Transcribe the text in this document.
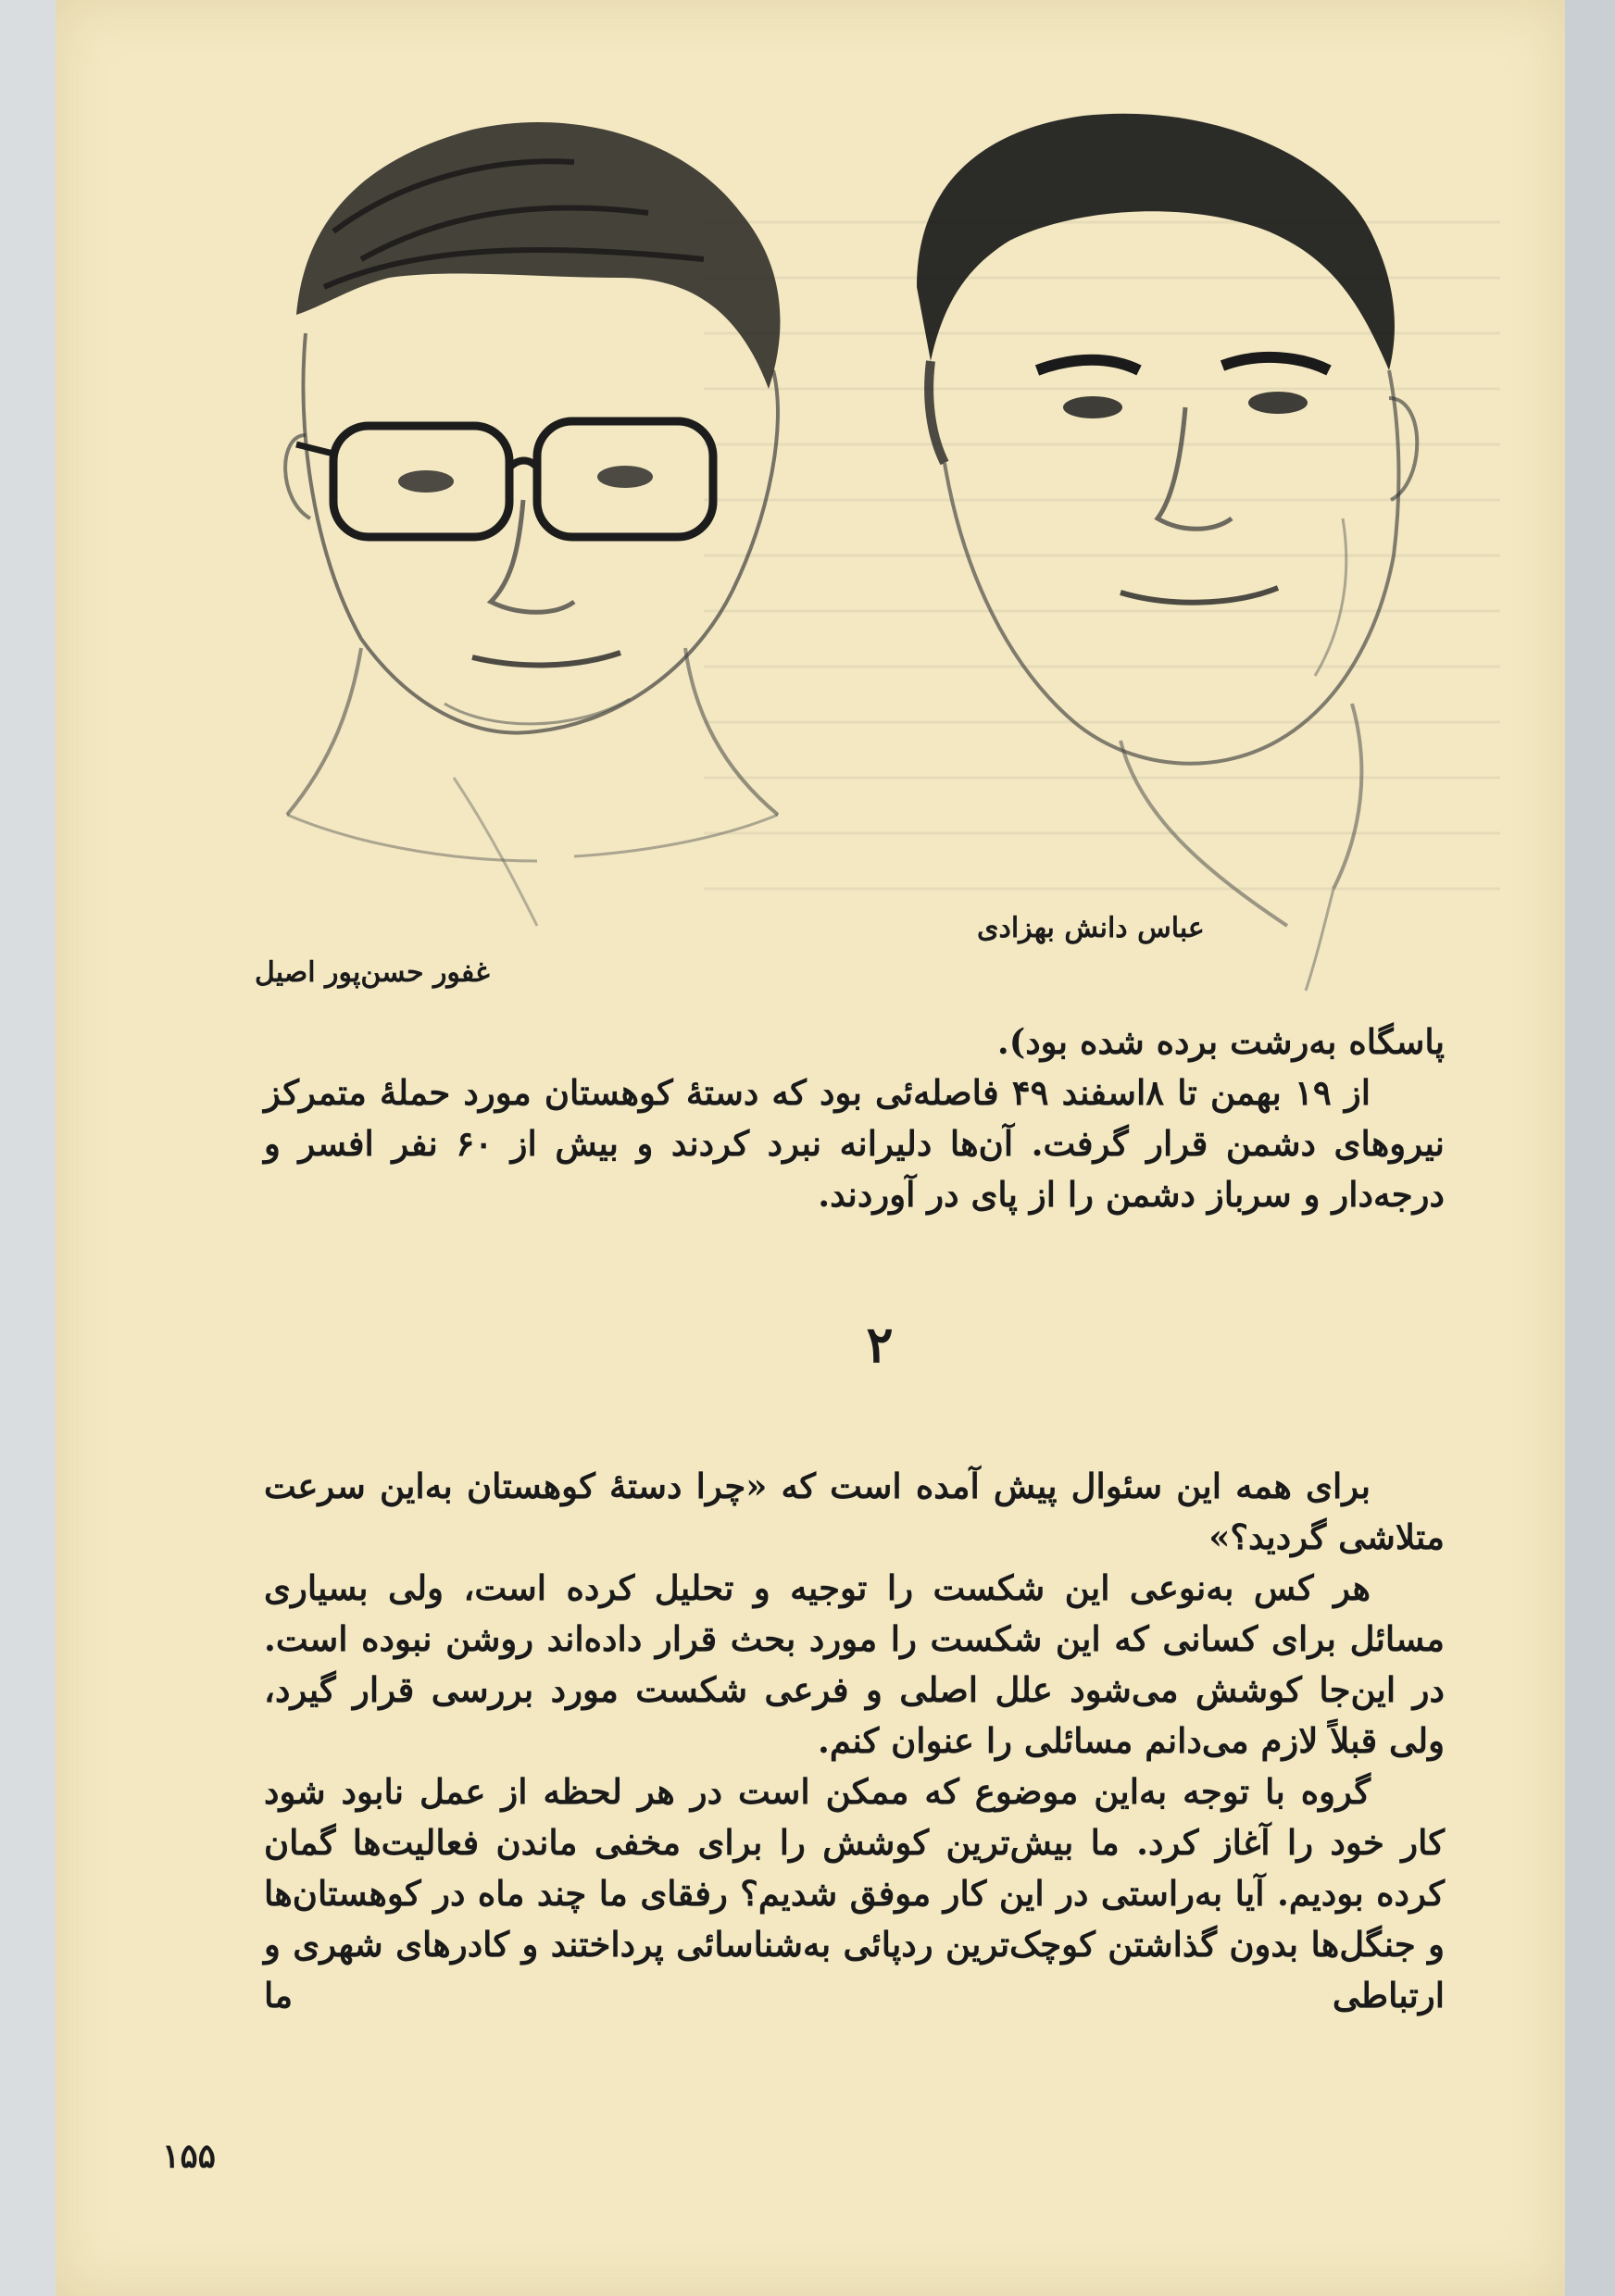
عباس دانش بهزادی
غفور حسن‌پور اصیل

پاسگاه به‌رشت برده شده بود).

از ۱۹ بهمن تا ۸اسفند ۴۹ فاصله‌ئی بود که دستهٔ کوهستان مورد حملهٔ متمرکز نیروهای دشمن قرار گرفت. آن‌ها دلیرانه نبرد کردند و بیش از ۶۰ نفر افسر و درجه‌دار و سرباز دشمن را از پای در آوردند.

۲

برای همه این سئوال پیش آمده است که «چرا دستهٔ کوهستان به‌این سرعت متلاشی گردید؟»

هر کس به‌نوعی این شکست را توجیه و تحلیل کرده است، ولی بسیاری مسائل برای کسانی که این شکست را مورد بحث قرار داده‌اند روشن نبوده است. در این‌جا کوشش می‌شود علل اصلی و فرعی شکست مورد بررسی قرار گیرد، ولی قبلاً لازم می‌دانم مسائلی را عنوان کنم.

گروه با توجه به‌این موضوع که ممکن است در هر لحظه از عمل نابود شود کار خود را آغاز کرد. ما بیش‌ترین کوشش را برای مخفی ماندن فعالیت‌ها گمان کرده بودیم. آیا به‌راستی در این کار موفق شدیم؟ رفقای ما چند ماه در کوهستان‌ها و جنگل‌ها بدون گذاشتن کوچک‌ترین ردپائی به‌شناسائی پرداختند و کادرهای شهری و ارتباطی ما

۱۵۵
